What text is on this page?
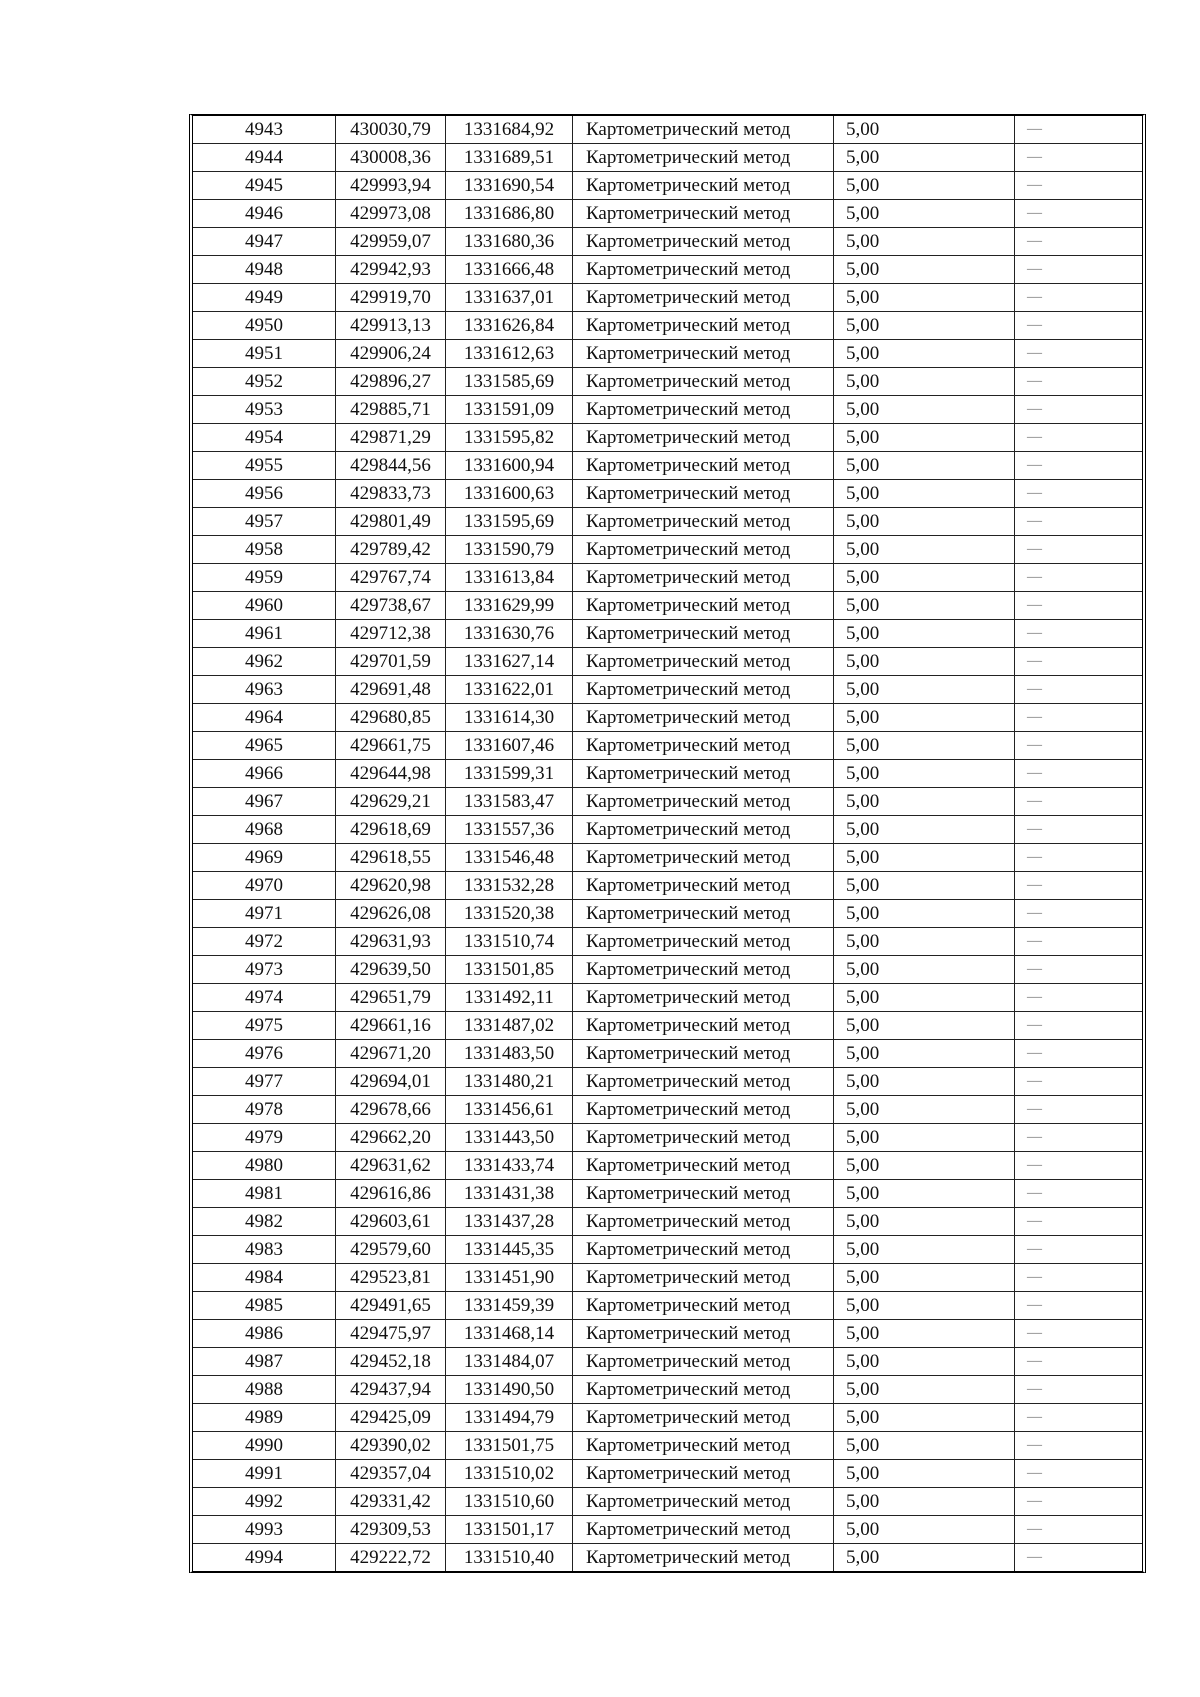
4943	430030,79	1331684,92	Картометрический метод	5,00	—
4944	430008,36	1331689,51	Картометрический метод	5,00	—
4945	429993,94	1331690,54	Картометрический метод	5,00	—
4946	429973,08	1331686,80	Картометрический метод	5,00	—
4947	429959,07	1331680,36	Картометрический метод	5,00	—
4948	429942,93	1331666,48	Картометрический метод	5,00	—
4949	429919,70	1331637,01	Картометрический метод	5,00	—
4950	429913,13	1331626,84	Картометрический метод	5,00	—
4951	429906,24	1331612,63	Картометрический метод	5,00	—
4952	429896,27	1331585,69	Картометрический метод	5,00	—
4953	429885,71	1331591,09	Картометрический метод	5,00	—
4954	429871,29	1331595,82	Картометрический метод	5,00	—
4955	429844,56	1331600,94	Картометрический метод	5,00	—
4956	429833,73	1331600,63	Картометрический метод	5,00	—
4957	429801,49	1331595,69	Картометрический метод	5,00	—
4958	429789,42	1331590,79	Картометрический метод	5,00	—
4959	429767,74	1331613,84	Картометрический метод	5,00	—
4960	429738,67	1331629,99	Картометрический метод	5,00	—
4961	429712,38	1331630,76	Картометрический метод	5,00	—
4962	429701,59	1331627,14	Картометрический метод	5,00	—
4963	429691,48	1331622,01	Картометрический метод	5,00	—
4964	429680,85	1331614,30	Картометрический метод	5,00	—
4965	429661,75	1331607,46	Картометрический метод	5,00	—
4966	429644,98	1331599,31	Картометрический метод	5,00	—
4967	429629,21	1331583,47	Картометрический метод	5,00	—
4968	429618,69	1331557,36	Картометрический метод	5,00	—
4969	429618,55	1331546,48	Картометрический метод	5,00	—
4970	429620,98	1331532,28	Картометрический метод	5,00	—
4971	429626,08	1331520,38	Картометрический метод	5,00	—
4972	429631,93	1331510,74	Картометрический метод	5,00	—
4973	429639,50	1331501,85	Картометрический метод	5,00	—
4974	429651,79	1331492,11	Картометрический метод	5,00	—
4975	429661,16	1331487,02	Картометрический метод	5,00	—
4976	429671,20	1331483,50	Картометрический метод	5,00	—
4977	429694,01	1331480,21	Картометрический метод	5,00	—
4978	429678,66	1331456,61	Картометрический метод	5,00	—
4979	429662,20	1331443,50	Картометрический метод	5,00	—
4980	429631,62	1331433,74	Картометрический метод	5,00	—
4981	429616,86	1331431,38	Картометрический метод	5,00	—
4982	429603,61	1331437,28	Картометрический метод	5,00	—
4983	429579,60	1331445,35	Картометрический метод	5,00	—
4984	429523,81	1331451,90	Картометрический метод	5,00	—
4985	429491,65	1331459,39	Картометрический метод	5,00	—
4986	429475,97	1331468,14	Картометрический метод	5,00	—
4987	429452,18	1331484,07	Картометрический метод	5,00	—
4988	429437,94	1331490,50	Картометрический метод	5,00	—
4989	429425,09	1331494,79	Картометрический метод	5,00	—
4990	429390,02	1331501,75	Картометрический метод	5,00	—
4991	429357,04	1331510,02	Картометрический метод	5,00	—
4992	429331,42	1331510,60	Картометрический метод	5,00	—
4993	429309,53	1331501,17	Картометрический метод	5,00	—
4994	429222,72	1331510,40	Картометрический метод	5,00	—
